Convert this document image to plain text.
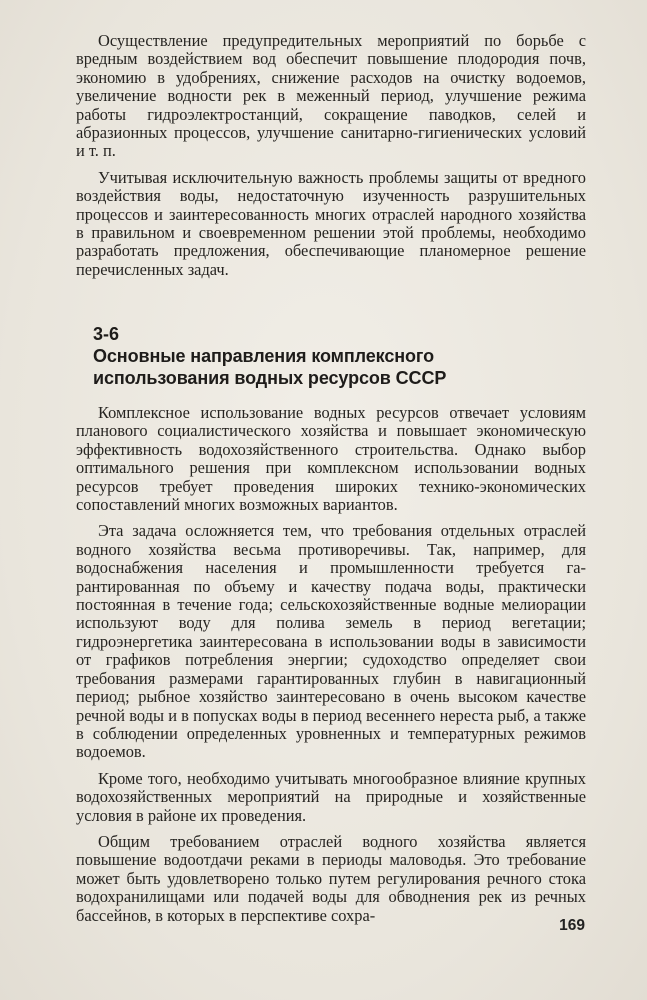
Осуществление предупредительных мероприятий по борьбе с вредным воздействием вод обеспечит повышение плодородия почв, экономию в удобрениях, снижение расходов на очистку водоемов, увеличение водности рек в меженный период, улучшение режима работы гидроэлектростанций, сокращение паводков, селей и абразионных процессов, улучшение санитарно-гигиенических условий и т. п.

Учитывая исключительную важность проблемы защиты от вредного воздействия воды, недостаточную изученность разрушительных процессов и заинтересованность многих отраслей народного хозяйства в правильном и своевременном решении этой проблемы, необходимо разработать предложения, обеспечивающие планомерное решение перечисленных задач.

3-6
Основные направления комплексного
использования водных ресурсов СССР

Комплексное использование водных ресурсов отвечает условиям планового социалистического хозяйства и повышает экономическую эффективность водохозяйственного строительства. Однако выбор оптимального решения при комплексном использовании водных ресурсов требует проведения широких технико-экономических сопоставлений многих возможных вариантов.

Эта задача осложняется тем, что требования отдельных отраслей водного хозяйства весьма противоречивы. Так, например, для водоснабжения населения и промышленности требуется гарантированная по объему и качеству подача воды, практически постоянная в течение года; сельскохозяйственные водные мелиорации используют воду для полива земель в период вегетации; гидроэнергетика заинтересована в использовании воды в зависимости от графиков потребления энергии; судоходство определяет свои требования размерами гарантированных глубин в навигационный период; рыбное хозяйство заинтересовано в очень высоком качестве речной воды и в попусках воды в период весеннего нереста рыб, а также в соблюдении определенных уровненных и температурных режимов водоемов.

Кроме того, необходимо учитывать многообразное влияние крупных водохозяйственных мероприятий на природные и хозяйственные условия в районе их проведения.

Общим требованием отраслей водного хозяйства является повышение водоотдачи реками в периоды маловодья. Это требование может быть удовлетворено только путем регулирования речного стока водохранилищами или подачей воды для обводнения рек из речных бассейнов, в которых в перспективе сохра-

169
